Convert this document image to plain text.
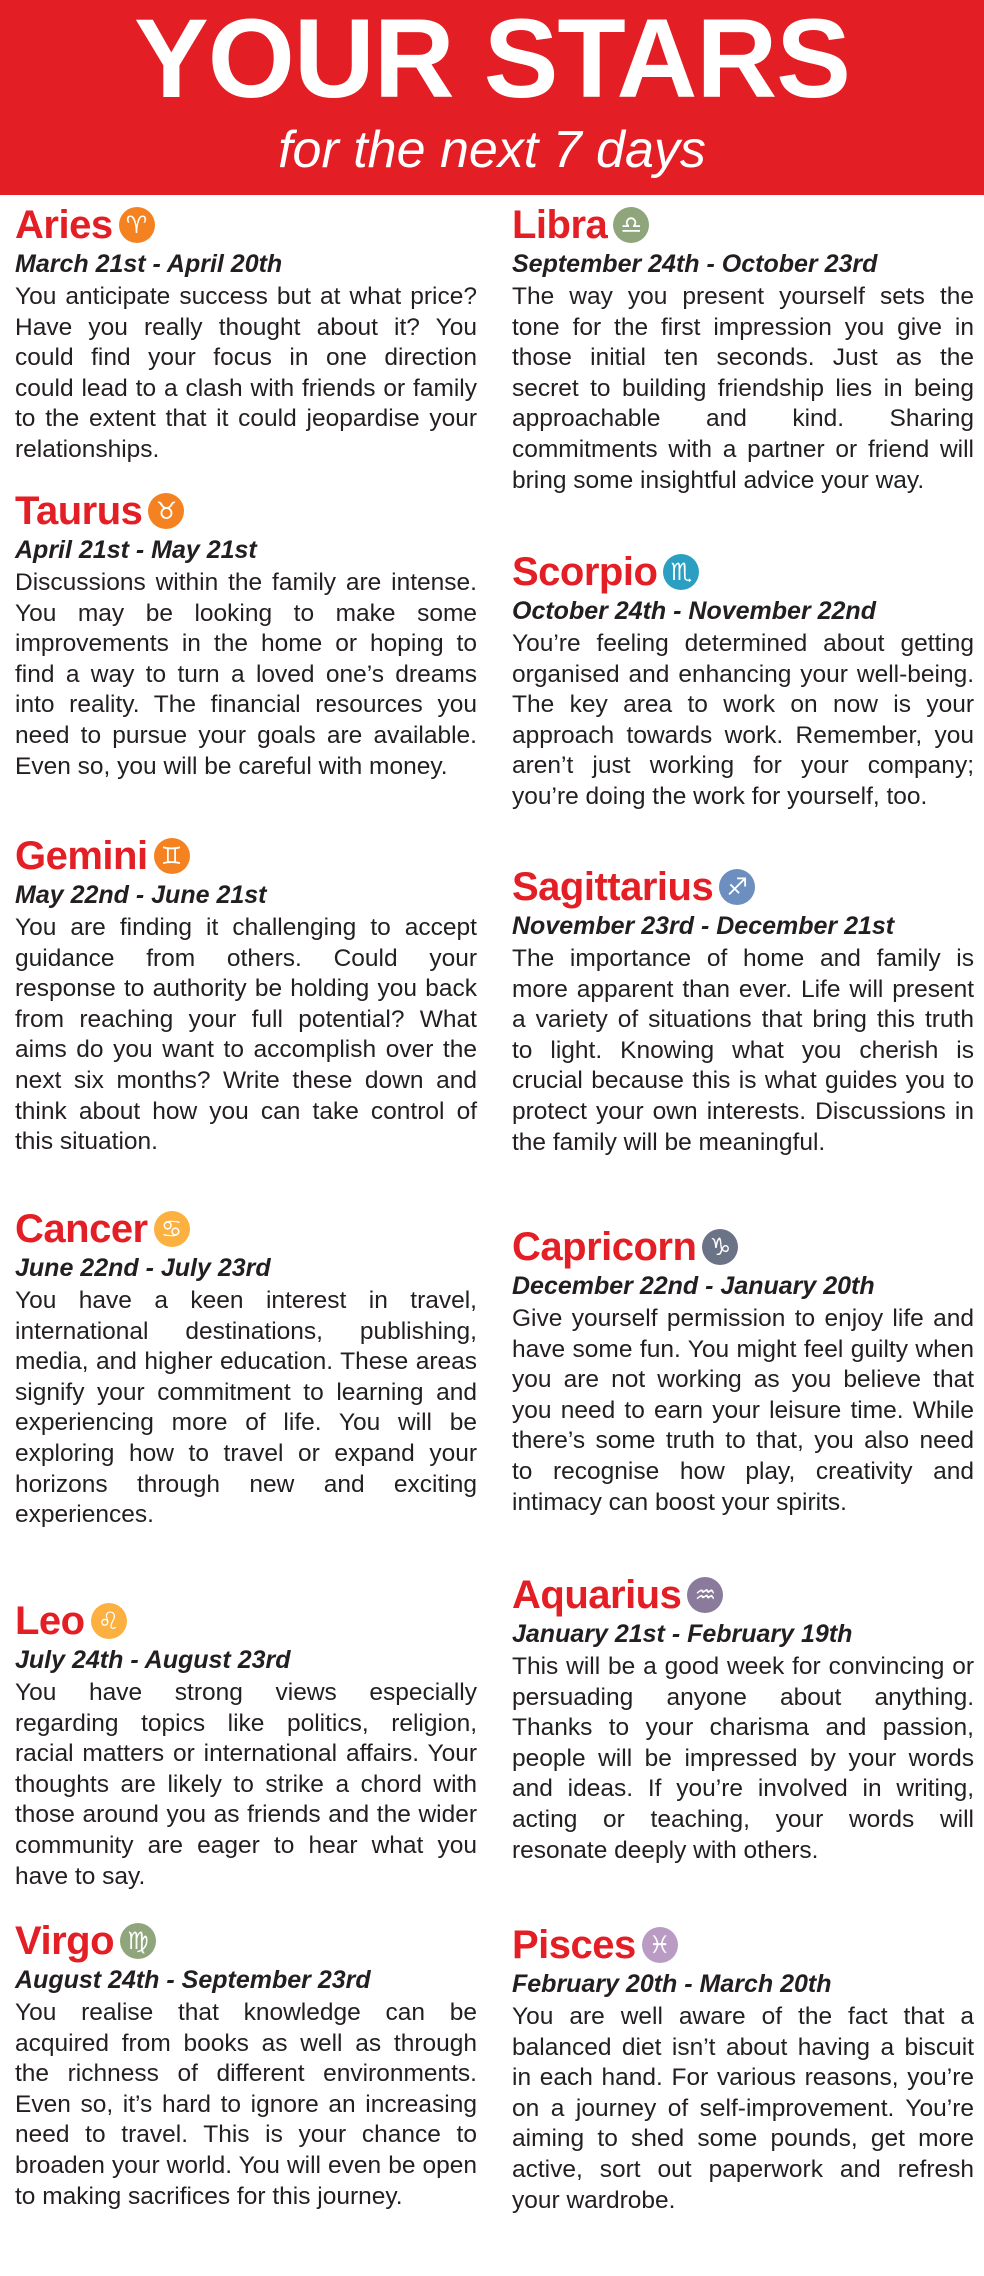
YOUR STARS
for the next 7 days
Aries ♈
March 21st - April 20th

You anticipate success but at what price? Have you really thought about it? You could find your focus in one direction could lead to a clash with friends or family to the extent that it could jeopardise your relationships.

Taurus ♉
April 21st - May 21st

Discussions within the family are intense. You may be looking to make some improvements in the home or hoping to find a way to turn a loved one’s dreams into reality. The financial resources you need to pursue your goals are available. Even so, you will be careful with money.

Gemini ♊
May 22nd - June 21st

You are finding it challenging to accept guidance from others. Could your response to authority be holding you back from reaching your full potential? What aims do you want to accomplish over the next six months? Write these down and think about how you can take control of this situation.

Cancer ♋
June 22nd - July 23rd

You have a keen interest in travel, international destinations, publishing, media, and higher education. These areas signify your commitment to learning and experiencing more of life. You will be exploring how to travel or expand your horizons through new and exciting experiences.

Leo ♌
July 24th - August 23rd

You have strong views especially regarding topics like politics, religion, racial matters or international affairs. Your thoughts are likely to strike a chord with those around you as friends and the wider community are eager to hear what you have to say.

Virgo ♍
August 24th - September 23rd

You realise that knowledge can be acquired from books as well as through the richness of different environments. Even so, it’s hard to ignore an increasing need to travel. This is your chance to broaden your world. You will even be open to making sacrifices for this journey.

Libra ♎
September 24th - October 23rd

The way you present yourself sets the tone for the first impression you give in those initial ten seconds. Just as the secret to building friendship lies in being approachable and kind. Sharing commitments with a partner or friend will bring some insightful advice your way.

Scorpio ♏
October 24th - November 22nd

You’re feeling determined about getting organised and enhancing your well-being. The key area to work on now is your approach towards work. Remember, you aren’t just working for your company; you’re doing the work for yourself, too.

Sagittarius ♐
November 23rd - December 21st

The importance of home and family is more apparent than ever. Life will present a variety of situations that bring this truth to light. Knowing what you cherish is crucial because this is what guides you to protect your own interests. Discussions in the family will be meaningful.

Capricorn ♑
December 22nd - January 20th

Give yourself permission to enjoy life and have some fun. You might feel guilty when you are not working as you believe that you need to earn your leisure time. While there’s some truth to that, you also need to recognise how play, creativity and intimacy can boost your spirits.

Aquarius ♒
January 21st - February 19th

This will be a good week for convincing or persuading anyone about anything. Thanks to your charisma and passion, people will be impressed by your words and ideas. If you’re involved in writing, acting or teaching, your words will resonate deeply with others.

Pisces ♓
February 20th - March 20th

You are well aware of the fact that a balanced diet isn’t about having a biscuit in each hand. For various reasons, you’re on a journey of self-improvement. You’re aiming to shed some pounds, get more active, sort out paperwork and refresh your wardrobe.
